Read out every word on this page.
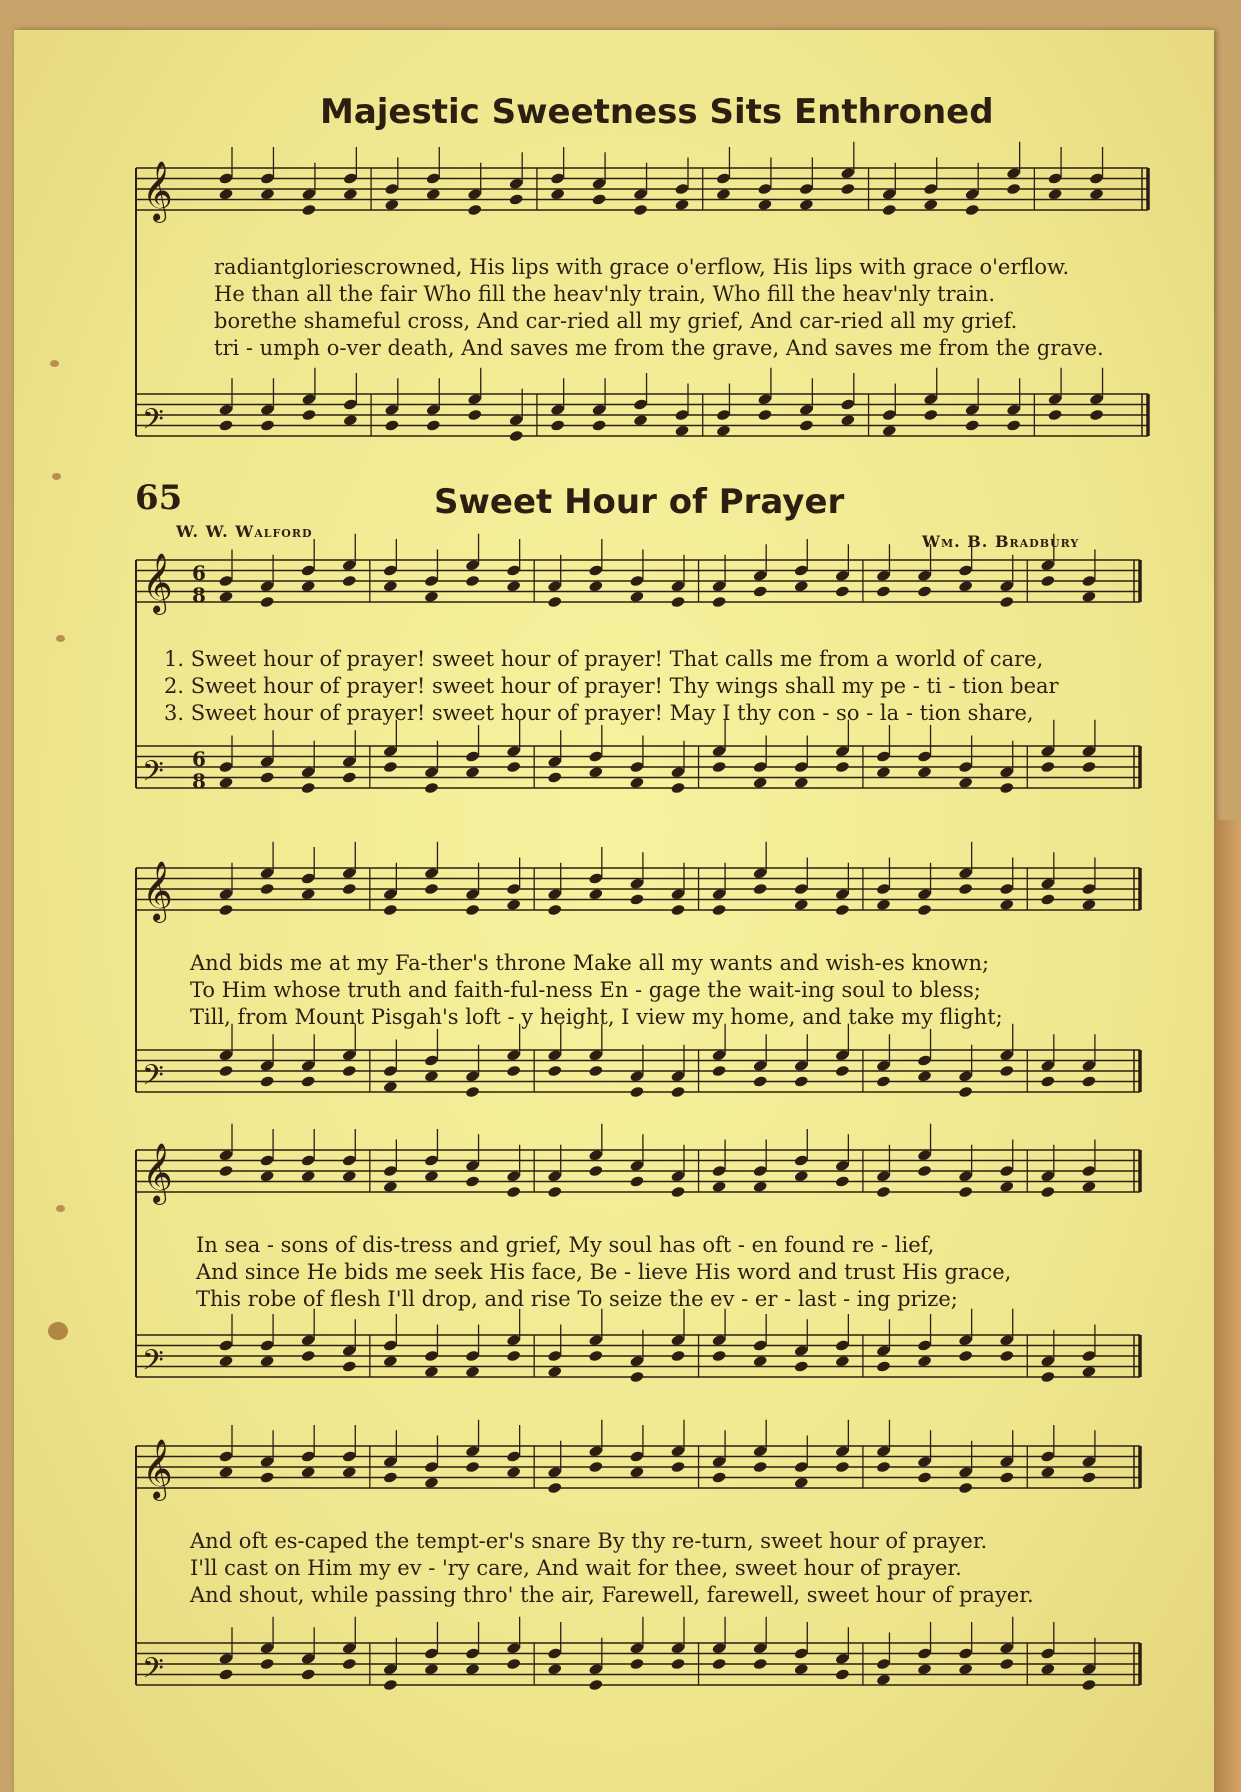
𝄞
𝄢
𝄞 6
8
𝄢 6
8
𝄞
𝄢
𝄞
𝄢
𝄞
𝄢
Majestic Sweetness Sits Enthroned
radiantgloriescrowned, His lips with grace o'erflow, His lips with grace o'erflow.
He than all the fair Who fill the heav'nly train, Who fill the heav'nly train.
borethe shameful cross, And car-ried all my grief, And car-ried all my grief.
tri - umph o-ver death, And saves me from the grave, And saves me from the grave.
65	Sweet Hour of Prayer
W. W. Walford
Wm. B. Bradbury
1. Sweet hour of prayer! sweet hour of prayer! That calls me from a world of care,
2. Sweet hour of prayer! sweet hour of prayer! Thy wings shall my pe - ti - tion bear
3. Sweet hour of prayer! sweet hour of prayer! May I thy con - so - la - tion share,
And bids me at my Fa-ther's throne Make all my wants and wish-es known;
To Him whose truth and faith-ful-ness En - gage the wait-ing soul to bless;
Till, from Mount Pisgah's loft - y height, I view my home, and take my flight;
In sea - sons of dis-tress and grief, My soul has oft - en found re - lief,
And since He bids me seek His face, Be - lieve His word and trust His grace,
This robe of flesh I'll drop, and rise To seize the ev - er - last - ing prize;
And oft es-caped the tempt-er's snare By thy re-turn, sweet hour of prayer.
I'll cast on Him my ev - 'ry care, And wait for thee, sweet hour of prayer.
And shout, while passing thro' the air, Farewell, farewell, sweet hour of prayer.
